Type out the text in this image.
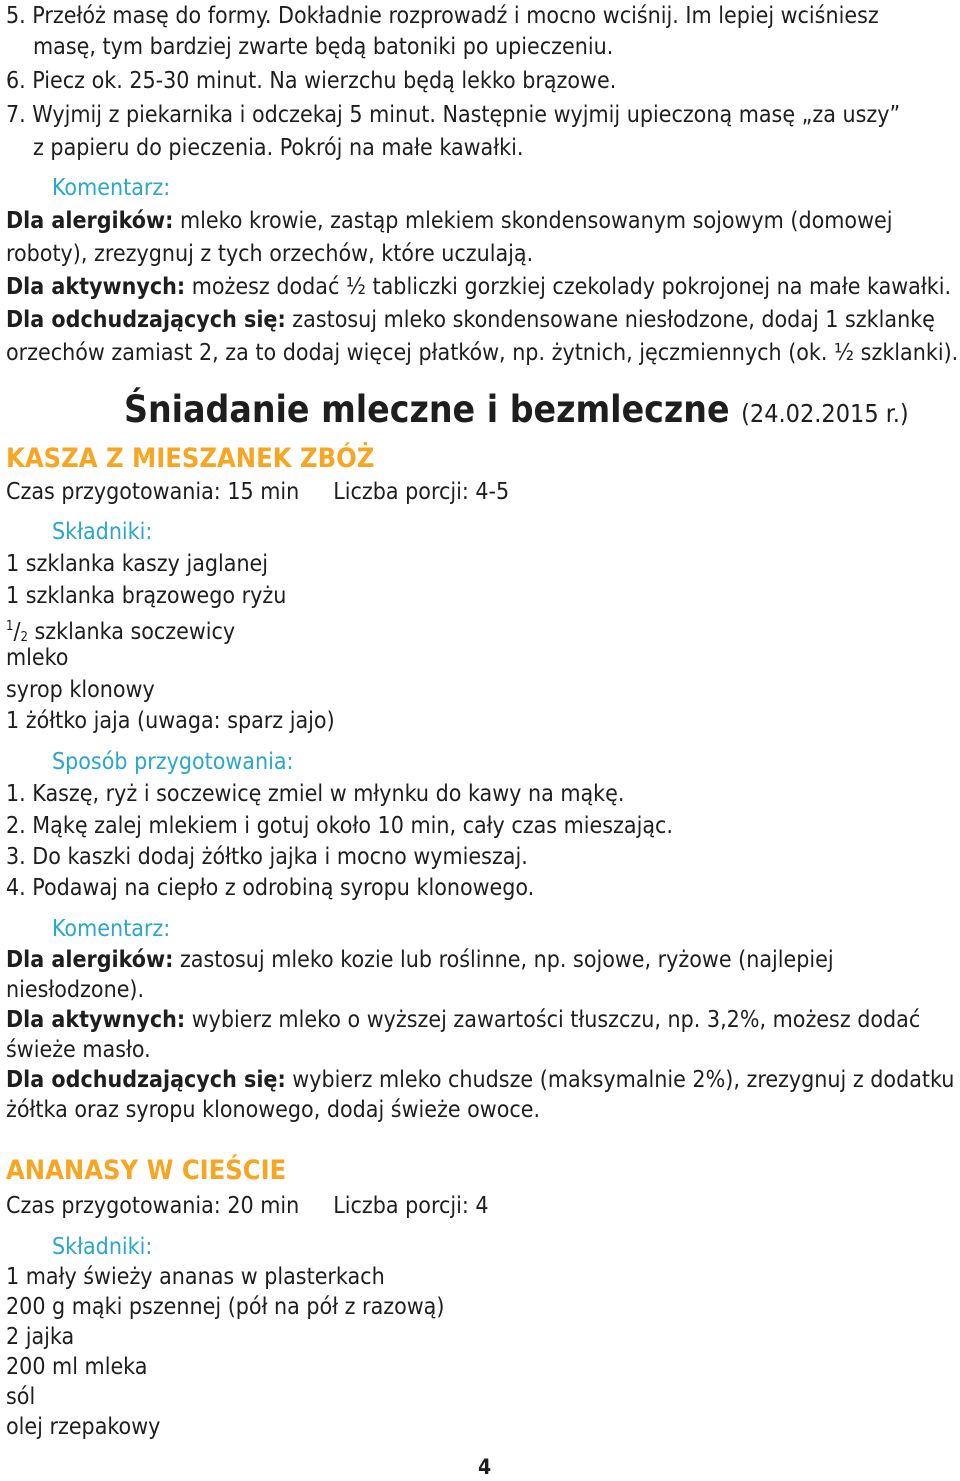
5. Przełóż masę do formy. Dokładnie rozprowadź i mocno wciśnij. Im lepiej wciśniesz
masę, tym bardziej zwarte będą batoniki po upieczeniu.
6. Piecz ok. 25-30 minut. Na wierzchu będą lekko brązowe.
7. Wyjmij z piekarnika i odczekaj 5 minut. Następnie wyjmij upieczoną masę „za uszy”
z papieru do pieczenia. Pokrój na małe kawałki.
Komentarz:
Dla alergików: mleko krowie, zastąp mlekiem skondensowanym sojowym (domowej
roboty), zrezygnuj z tych orzechów, które uczulają.
Dla aktywnych: możesz dodać ½ tabliczki gorzkiej czekolady pokrojonej na małe kawałki.
Dla odchudzających się: zastosuj mleko skondensowane niesłodzone, dodaj 1 szklankę
orzechów zamiast 2, za to dodaj więcej płatków, np. żytnich, jęczmiennych (ok. ½ szklanki).
Śniadanie mleczne i bezmleczne (24.02.2015 r.)
KASZA Z MIESZANEK ZBÓŻ
Czas przygotowania: 15 min Liczba porcji: 4-5
Składniki:
1 szklanka kaszy jaglanej
1 szklanka brązowego ryżu
$^1$/2 szklanka soczewicy
mleko
syrop klonowy
1 żółtko jaja (uwaga: sparz jajo)
Sposób przygotowania:
1. Kaszę, ryż i soczewicę zmiel w młynku do kawy na mąkę.
2. Mąkę zalej mlekiem i gotuj około 10 min, cały czas mieszając.
3. Do kaszki dodaj żółtko jajka i mocno wymieszaj.
4. Podawaj na ciepło z odrobiną syropu klonowego.
Komentarz:
Dla alergików: zastosuj mleko kozie lub roślinne, np. sojowe, ryżowe (najlepiej
niesłodzone).
Dla aktywnych: wybierz mleko o wyższej zawartości tłuszczu, np. 3,2%, możesz dodać
świeże masło.
Dla odchudzających się: wybierz mleko chudsze (maksymalnie 2%), zrezygnuj z dodatku
żółtka oraz syropu klonowego, dodaj świeże owoce.
ANANASY W CIEŚCIE
Czas przygotowania: 20 min Liczba porcji: 4
Składniki:
1 mały świeży ananas w plasterkach
200 g mąki pszennej (pół na pół z razową)
2 jajka
200 ml mleka
sól
olej rzepakowy
4
